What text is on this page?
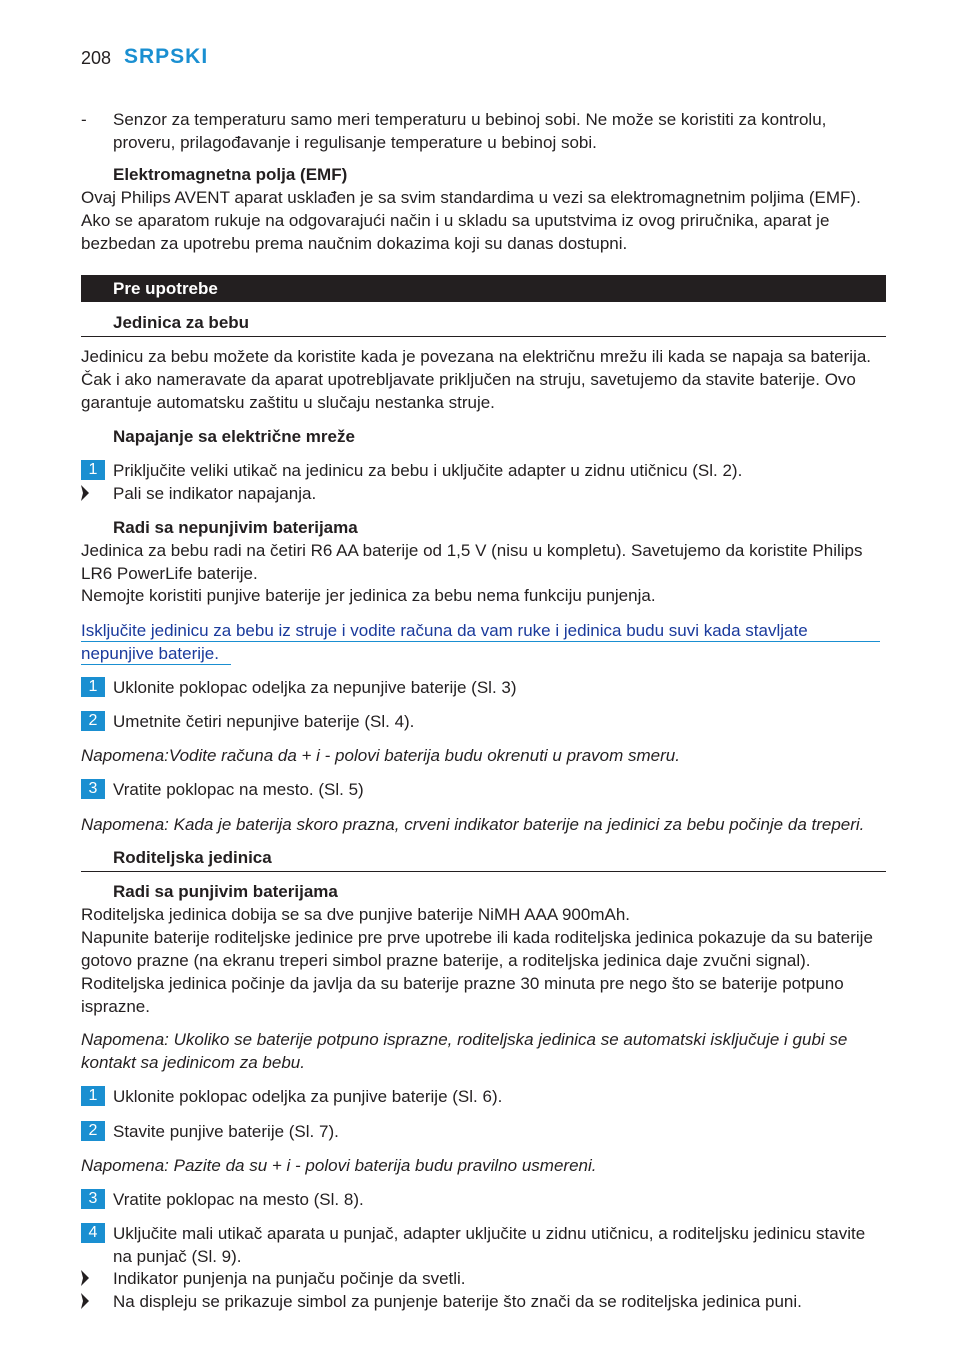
208 SRPSKI
- Senzor za temperaturu samo meri temperaturu u bebinoj sobi. Ne može se koristiti za kontrolu, proveru, prilagođavanje i regulisanje temperature u bebinoj sobi.
Elektromagnetna polja (EMF)
Ovaj Philips AVENT aparat usklađen je sa svim standardima u vezi sa elektromagnetnim poljima (EMF). Ako se aparatom rukuje na odgovarajući način i u skladu sa uputstvima iz ovog priručnika, aparat je bezbedan za upotrebu prema naučnim dokazima koji su danas dostupni.
Pre upotrebe
Jedinica za bebu
Jedinicu za bebu možete da koristite kada je povezana na električnu mrežu ili kada se napaja sa baterija. Čak i ako nameravate da aparat upotrebljavate priključen na struju, savetujemo da stavite baterije. Ovo garantuje automatsku zaštitu u slučaju nestanka struje.
Napajanje sa električne mreže
1 Priključite veliki utikač na jedinicu za bebu i uključite adapter u zidnu utičnicu (Sl. 2).
Pali se indikator napajanja.
Radi sa nepunjivim baterijama
Jedinica za bebu radi na četiri R6 AA baterije od 1,5 V (nisu u kompletu). Savetujemo da koristite Philips LR6 PowerLife baterije.
Nemojte koristiti punjive baterije jer jedinica za bebu nema funkciju punjenja.
Isključite jedinicu za bebu iz struje i vodite računa da vam ruke i jedinica budu suvi kada stavljate nepunjive baterije.
1 Uklonite poklopac odeljka za nepunjive baterije (Sl. 3)
2 Umetnite četiri nepunjive baterije (Sl. 4).
Napomena:Vodite računa da + i - polovi baterija budu okrenuti u pravom smeru.
3 Vratite poklopac na mesto. (Sl. 5)
Napomena: Kada je baterija skoro prazna, crveni indikator baterije na jedinici za bebu počinje da treperi.
Roditeljska jedinica
Radi sa punjivim baterijama
Roditeljska jedinica dobija se sa dve punjive baterije NiMH AAA 900mAh.
Napunite baterije roditeljske jedinice pre prve upotrebe ili kada roditeljska jedinica pokazuje da su baterije gotovo prazne (na ekranu treperi simbol prazne baterije, a roditeljska jedinica daje zvučni signal). Roditeljska jedinica počinje da javlja da su baterije prazne 30 minuta pre nego što se baterije potpuno isprazne.
Napomena: Ukoliko se baterije potpuno isprazne, roditeljska jedinica se automatski isključuje i gubi se kontakt sa jedinicom za bebu.
1 Uklonite poklopac odeljka za punjive baterije (Sl. 6).
2 Stavite punjive baterije (Sl. 7).
Napomena: Pazite da su + i - polovi baterija budu pravilno usmereni.
3 Vratite poklopac na mesto (Sl. 8).
4 Uključite mali utikač aparata u punjač, adapter uključite u zidnu utičnicu, a roditeljsku jedinicu stavite na punjač (Sl. 9).
Indikator punjenja na punjaču počinje da svetli.
Na displeju se prikazuje simbol za punjenje baterije što znači da se roditeljska jedinica puni.
